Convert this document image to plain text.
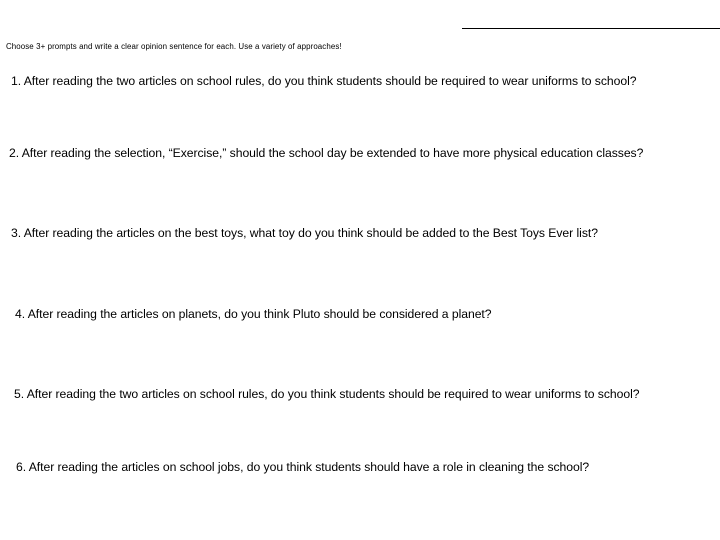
Choose 3+ prompts and write a clear opinion sentence for each. Use a variety of approaches!
1. After reading the two articles on school rules, do you think students should be required to wear uniforms to school?
2. After reading the selection, “Exercise,” should the school day be extended to have more physical education classes?
3. After reading the articles on the best toys, what toy do you think should be added to the Best Toys Ever list?
4. After reading the articles on planets, do you think Pluto should be considered a planet?
5. After reading the two articles on school rules, do you think students should be required to wear uniforms to school?
6. After reading the articles on school jobs, do you think students should have a role in cleaning the school?
